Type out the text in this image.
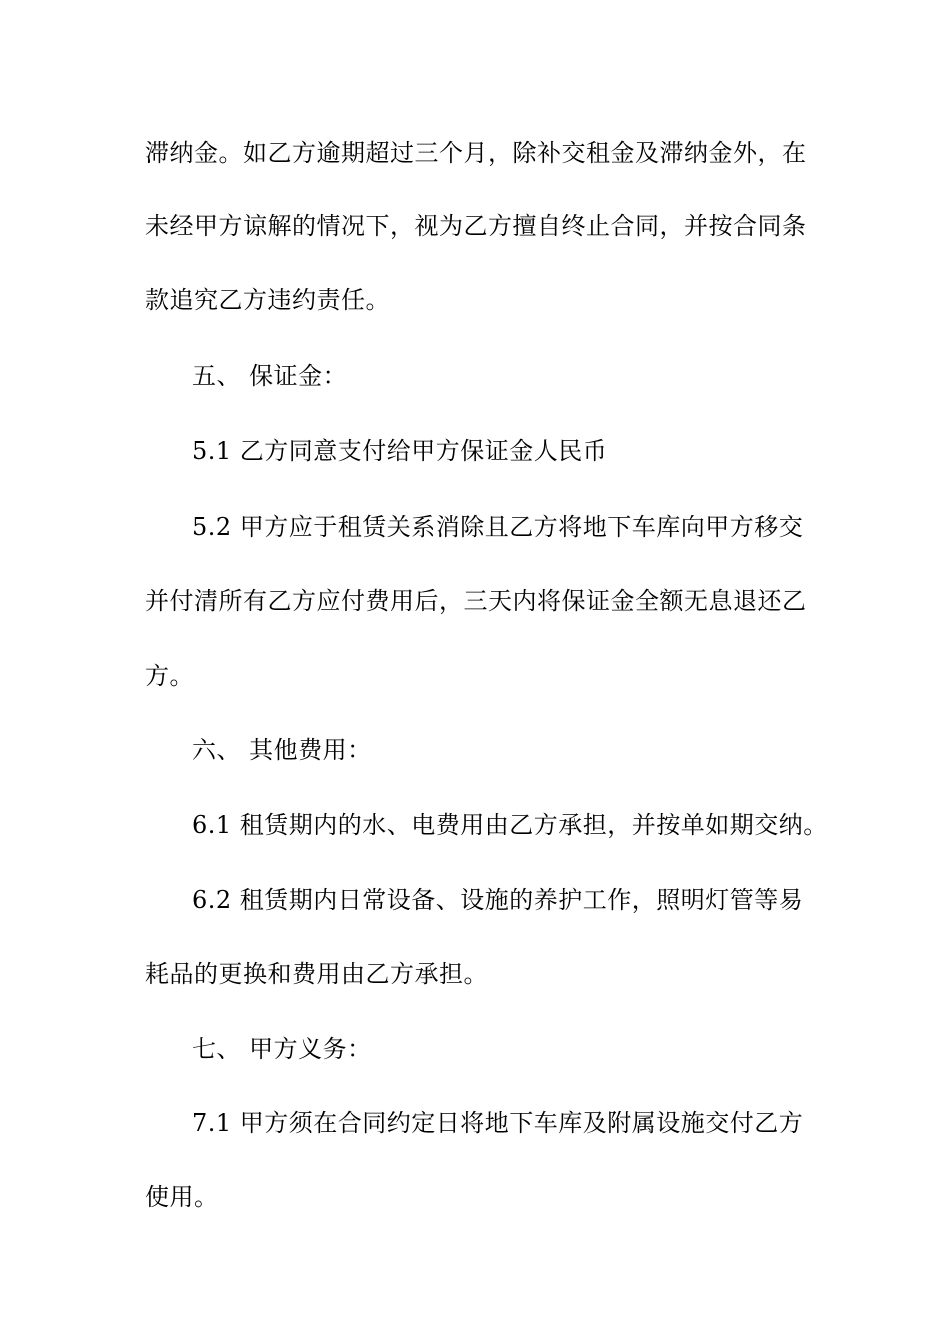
滞纳金。如乙方逾期超过三个月，除补交租金及滞纳金外，在
未经甲方谅解的情况下，视为乙方擅自终止合同，并按合同条
款追究乙方违约责任。
五、 保证金：
5.1 乙方同意支付给甲方保证金人民币
5.2 甲方应于租赁关系消除且乙方将地下车库向甲方移交
并付清所有乙方应付费用后，三天内将保证金全额无息退还乙
方。
六、 其他费用：
6.1 租赁期内的水、电费用由乙方承担，并按单如期交纳。
6.2 租赁期内日常设备、设施的养护工作，照明灯管等易
耗品的更换和费用由乙方承担。
七、 甲方义务：
7.1 甲方须在合同约定日将地下车库及附属设施交付乙方
使用。
